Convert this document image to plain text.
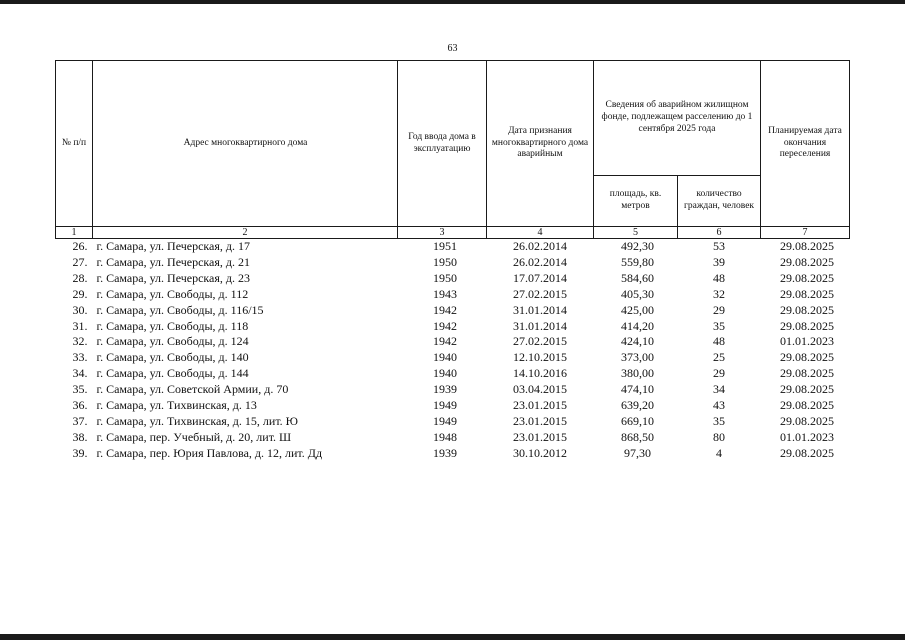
63
№ п/п	Адрес многоквартирного дома	Год ввода дома в эксплуатацию	Дата признания многоквартирного дома аварийным	Сведения об аварийном жилищном фонде, подлежащем расселению до 1 сентября 2025 года		Планируемая дата окончания переселения
				площадь, кв. метров	количество граждан, человек	
1	2	3	4	5	6	7
26.	г. Самара, ул. Печерская, д. 17	1951	26.02.2014	492,30	53	29.08.2025
27.	г. Самара, ул. Печерская, д. 21	1950	26.02.2014	559,80	39	29.08.2025
28.	г. Самара, ул. Печерская, д. 23	1950	17.07.2014	584,60	48	29.08.2025
29.	г. Самара, ул. Свободы, д. 112	1943	27.02.2015	405,30	32	29.08.2025
30.	г. Самара, ул. Свободы, д. 116/15	1942	31.01.2014	425,00	29	29.08.2025
31.	г. Самара, ул. Свободы, д. 118	1942	31.01.2014	414,20	35	29.08.2025
32.	г. Самара, ул. Свободы, д. 124	1942	27.02.2015	424,10	48	01.01.2023
33.	г. Самара, ул. Свободы, д. 140	1940	12.10.2015	373,00	25	29.08.2025
34.	г. Самара, ул. Свободы, д. 144	1940	14.10.2016	380,00	29	29.08.2025
35.	г. Самара, ул. Советской Армии, д. 70	1939	03.04.2015	474,10	34	29.08.2025
36.	г. Самара, ул. Тихвинская, д. 13	1949	23.01.2015	639,20	43	29.08.2025
37.	г. Самара, ул. Тихвинская, д. 15, лит. Ю	1949	23.01.2015	669,10	35	29.08.2025
38.	г. Самара, пер. Учебный, д. 20, лит. Ш	1948	23.01.2015	868,50	80	01.01.2023
39.	г. Самара, пер. Юрия Павлова, д. 12, лит. Дд	1939	30.10.2012	97,30	4	29.08.2025
